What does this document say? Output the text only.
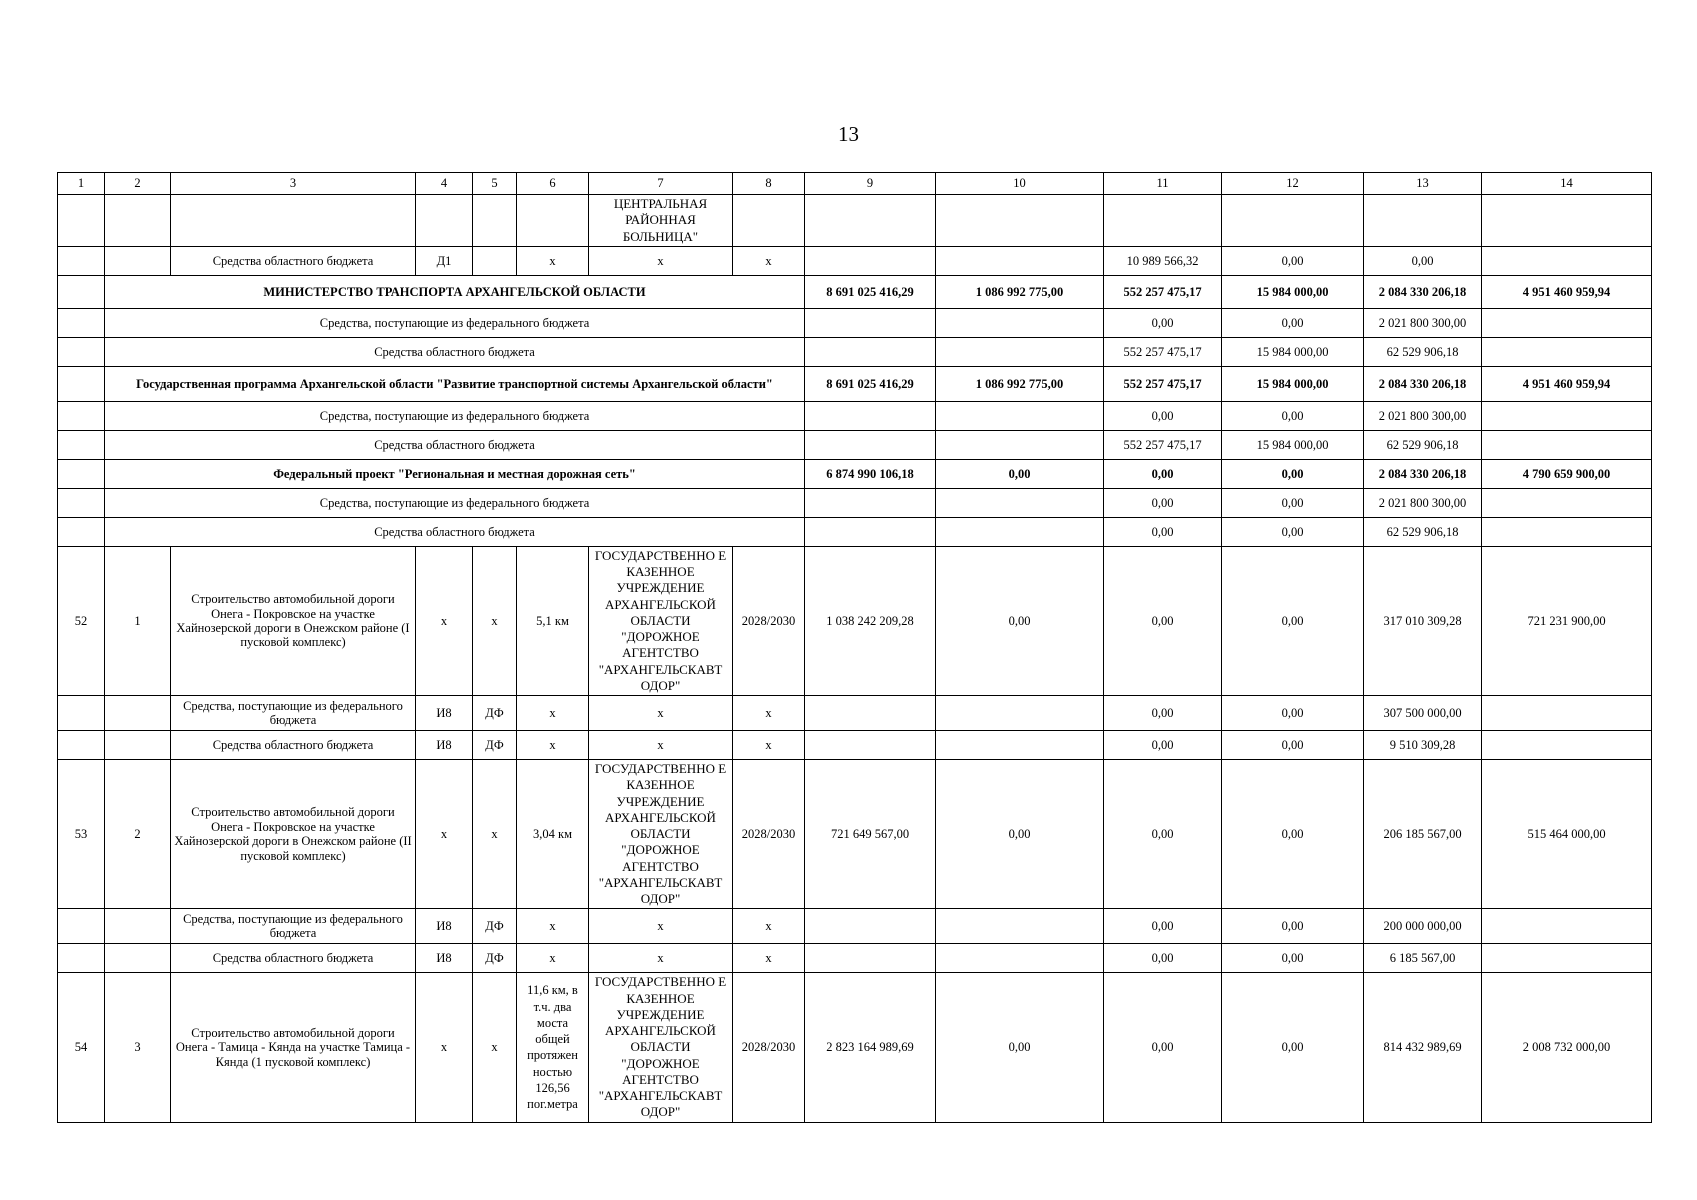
13
1	2	3	4	5	6	7	8	9	10	11	12	13	14
						ЦЕНТРАЛЬНАЯ РАЙОННАЯ БОЛЬНИЦА"							
		Средства областного бюджета	Д1		х	х	х			10 989 566,32	0,00	0,00	
	МИНИСТЕРСТВО ТРАНСПОРТА АРХАНГЕЛЬСКОЙ ОБЛАСТИ							8 691 025 416,29	1 086 992 775,00	552 257 475,17	15 984 000,00	2 084 330 206,18	4 951 460 959,94
	Средства, поступающие из федерального бюджета									0,00	0,00	2 021 800 300,00	
	Средства областного бюджета									552 257 475,17	15 984 000,00	62 529 906,18	
	Государственная программа Архангельской области "Развитие транспортной системы Архангельской области"							8 691 025 416,29	1 086 992 775,00	552 257 475,17	15 984 000,00	2 084 330 206,18	4 951 460 959,94
	Средства, поступающие из федерального бюджета									0,00	0,00	2 021 800 300,00	
	Средства областного бюджета									552 257 475,17	15 984 000,00	62 529 906,18	
	Федеральный проект "Региональная и местная дорожная сеть"							6 874 990 106,18	0,00	0,00	0,00	2 084 330 206,18	4 790 659 900,00
	Средства, поступающие из федерального бюджета									0,00	0,00	2 021 800 300,00	
	Средства областного бюджета									0,00	0,00	62 529 906,18	
52	1	Строительство автомобильной дороги Онега - Покровское на участке Хайнозерской дороги в Онежском районе (I пусковой комплекс)	х	х	5,1 км	ГОСУДАРСТВЕННО Е КАЗЕННОЕ УЧРЕЖДЕНИЕ АРХАНГЕЛЬСКОЙ ОБЛАСТИ "ДОРОЖНОЕ АГЕНТСТВО "АРХАНГЕЛЬСКАВТ ОДОР"	2028/2030	1 038 242 209,28	0,00	0,00	0,00	317 010 309,28	721 231 900,00
		Средства, поступающие из федерального бюджета	И8	ДФ	х	х	х			0,00	0,00	307 500 000,00	
		Средства областного бюджета	И8	ДФ	х	х	х			0,00	0,00	9 510 309,28	
53	2	Строительство автомобильной дороги Онега - Покровское на участке Хайнозерской дороги в Онежском районе (II пусковой комплекс)	х	х	3,04 км	ГОСУДАРСТВЕННО Е КАЗЕННОЕ УЧРЕЖДЕНИЕ АРХАНГЕЛЬСКОЙ ОБЛАСТИ "ДОРОЖНОЕ АГЕНТСТВО "АРХАНГЕЛЬСКАВТ ОДОР"	2028/2030	721 649 567,00	0,00	0,00	0,00	206 185 567,00	515 464 000,00
		Средства, поступающие из федерального бюджета	И8	ДФ	х	х	х			0,00	0,00	200 000 000,00	
		Средства областного бюджета	И8	ДФ	х	х	х			0,00	0,00	6 185 567,00	
54	3	Строительство автомобильной дороги Онега - Тамица - Кянда на участке Тамица - Кянда (1 пусковой комплекс)	х	х	11,6 км, в т.ч. два моста общей протяжен ностью 126,56 пог.метра	ГОСУДАРСТВЕННО Е КАЗЕННОЕ УЧРЕЖДЕНИЕ АРХАНГЕЛЬСКОЙ ОБЛАСТИ "ДОРОЖНОЕ АГЕНТСТВО "АРХАНГЕЛЬСКАВТ ОДОР"	2028/2030	2 823 164 989,69	0,00	0,00	0,00	814 432 989,69	2 008 732 000,00
